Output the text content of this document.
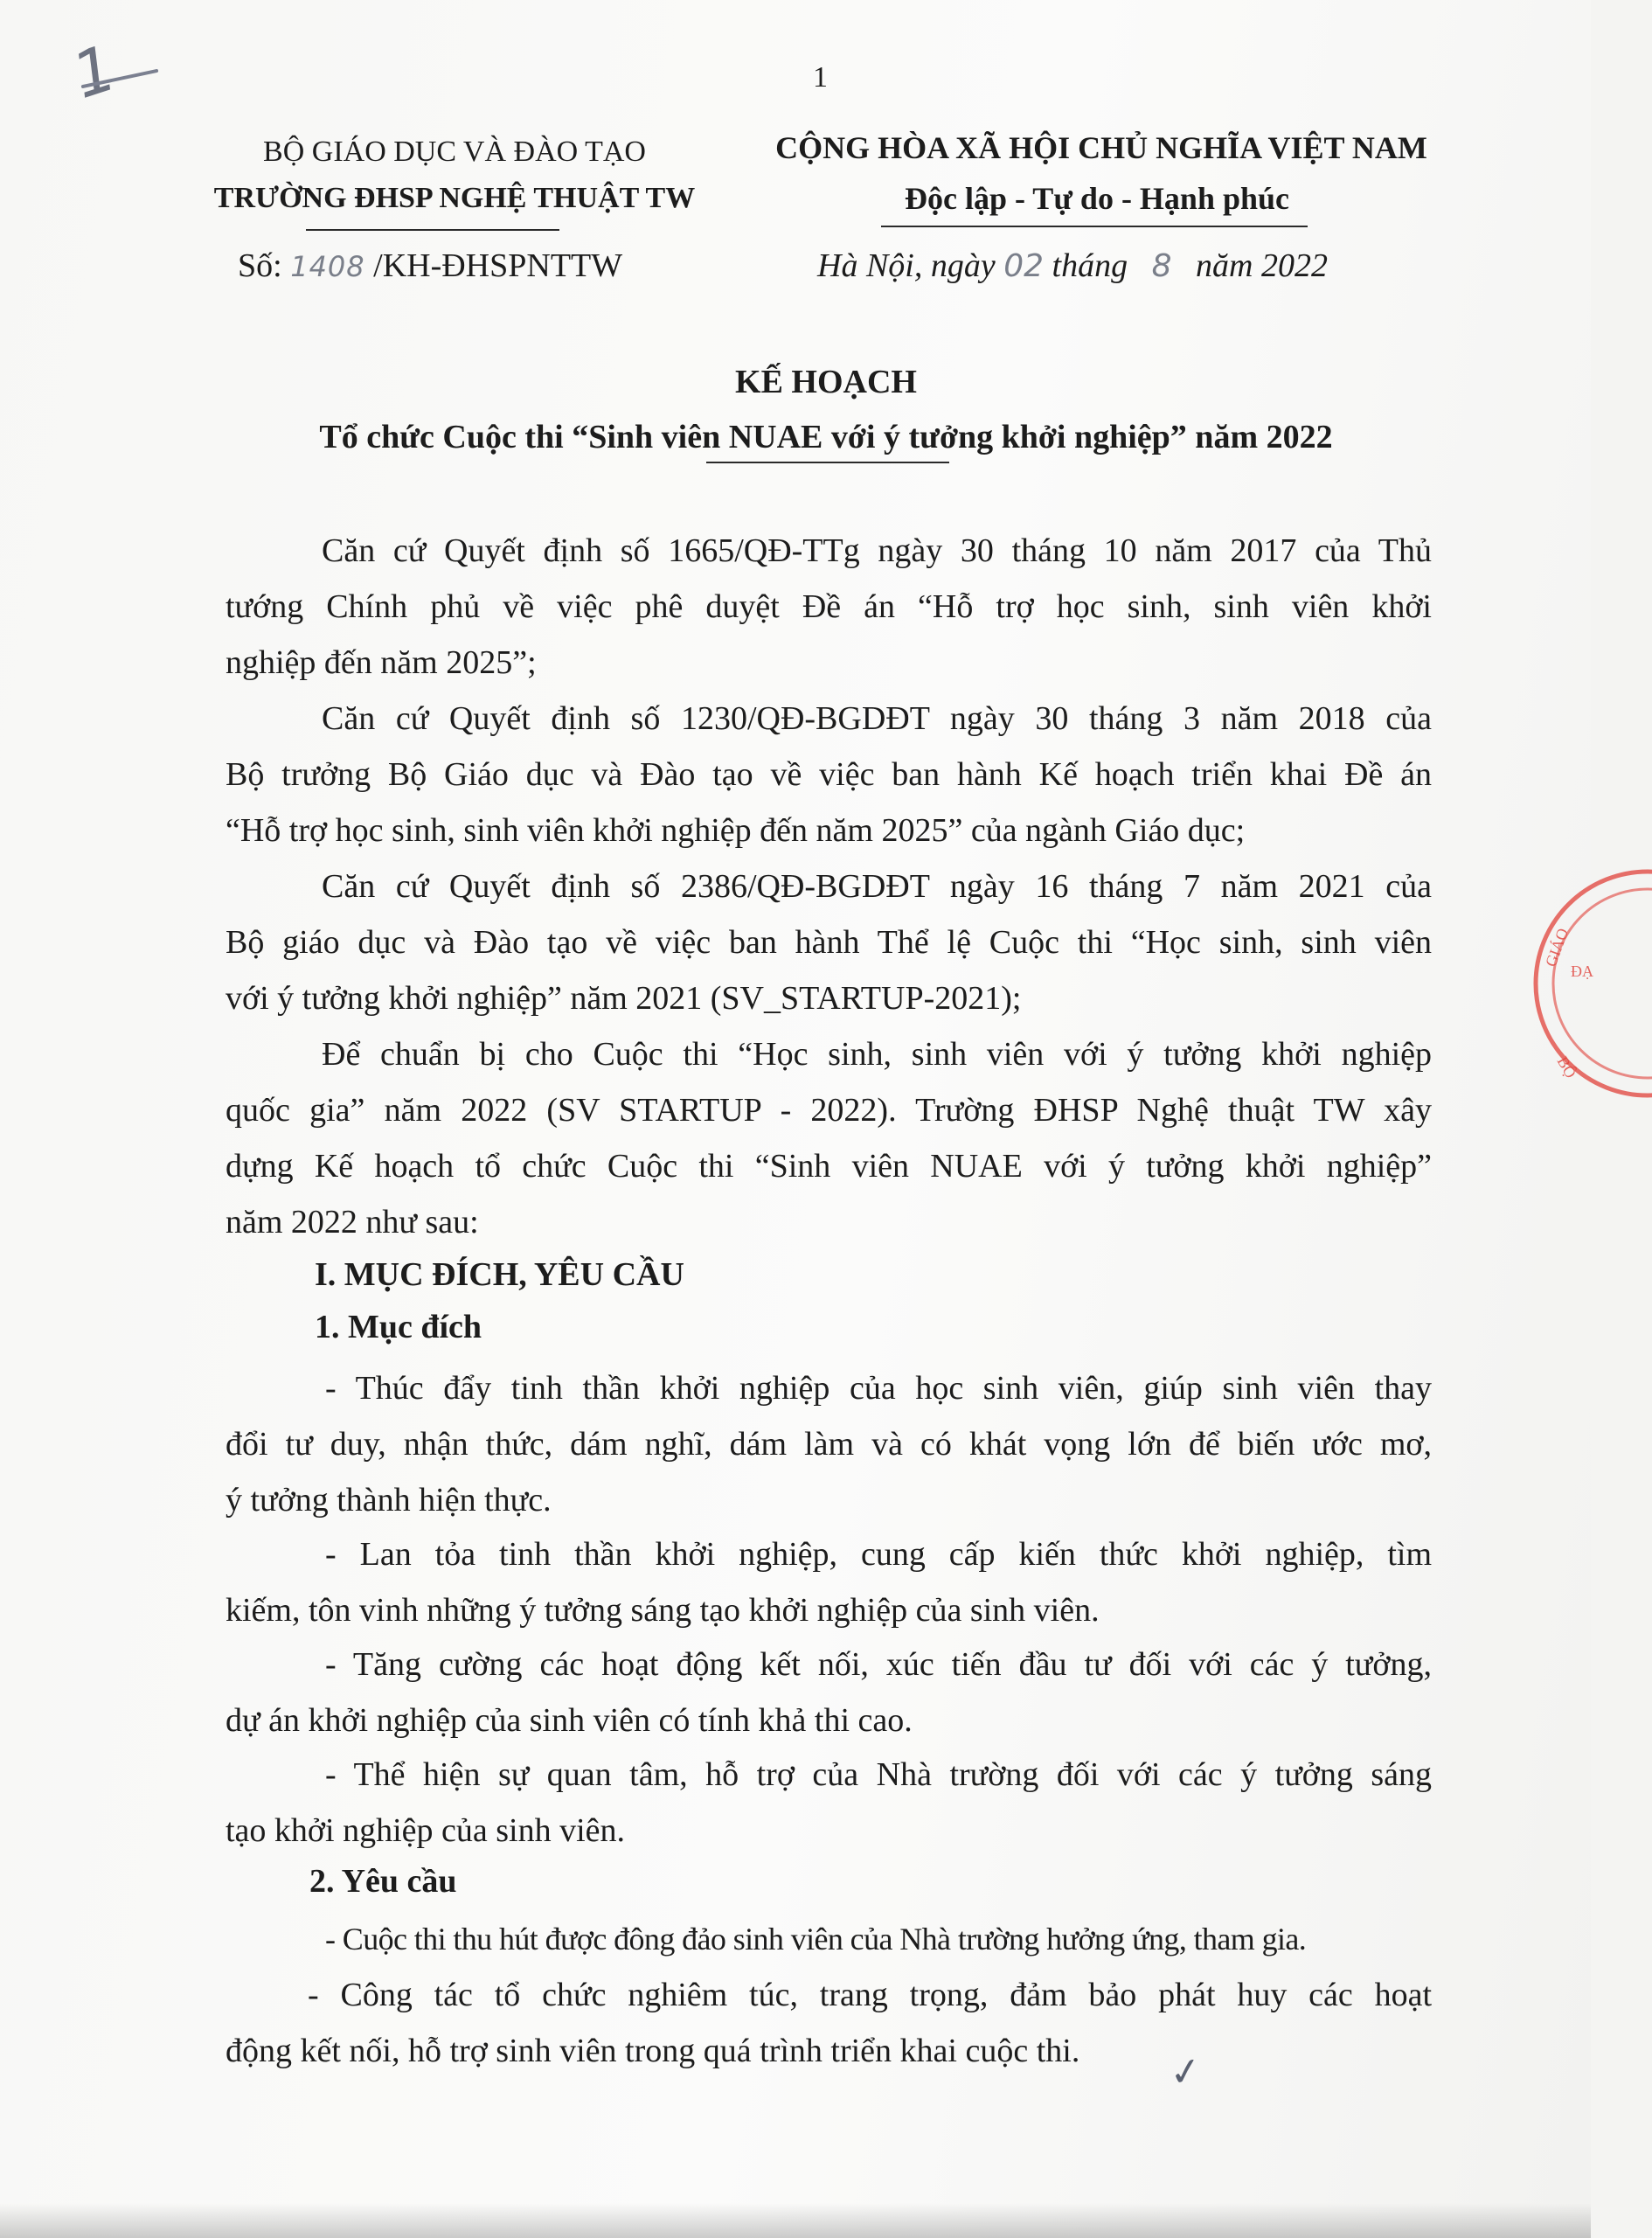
1	1
BỘ GIÁO DỤC VÀ ĐÀO TẠO
TRƯỜNG ĐHSP NGHỆ THUẬT TW
Số: 1408 /KH-ĐHSPNTTW
CỘNG HÒA XÃ HỘI CHỦ NGHĨA VIỆT NAM
Độc lập - Tự do - Hạnh phúc
Hà Nội, ngày 02 tháng 8 năm 2022
KẾ HOẠCH
Tổ chức Cuộc thi “Sinh viên NUAE với ý tưởng khởi nghiệp” năm 2022
Căn cứ Quyết định số 1665/QĐ-TTg ngày 30 tháng 10 năm 2017 của Thủ
tướng Chính phủ về việc phê duyệt Đề án “Hỗ trợ học sinh, sinh viên khởi
nghiệp đến năm 2025”;
Căn cứ Quyết định số 1230/QĐ-BGDĐT ngày 30 tháng 3 năm 2018 của
Bộ trưởng Bộ Giáo dục và Đào tạo về việc ban hành Kế hoạch triển khai Đề án
“Hỗ trợ học sinh, sinh viên khởi nghiệp đến năm 2025” của ngành Giáo dục;
Căn cứ Quyết định số 2386/QĐ-BGDĐT ngày 16 tháng 7 năm 2021 của
Bộ giáo dục và Đào tạo về việc ban hành Thể lệ Cuộc thi “Học sinh, sinh viên
với ý tưởng khởi nghiệp” năm 2021 (SV_STARTUP-2021);
Để chuẩn bị cho Cuộc thi “Học sinh, sinh viên với ý tưởng khởi nghiệp
quốc gia” năm 2022 (SV STARTUP - 2022). Trường ĐHSP Nghệ thuật TW xây
dựng Kế hoạch tổ chức Cuộc thi “Sinh viên NUAE với ý tưởng khởi nghiệp”
năm 2022 như sau:
I. MỤC ĐÍCH, YÊU CẦU
1. Mục đích
- Thúc đẩy tinh thần khởi nghiệp của học sinh viên, giúp sinh viên thay
đổi tư duy, nhận thức, dám nghĩ, dám làm và có khát vọng lớn để biến ước mơ,
ý tưởng thành hiện thực.
- Lan tỏa tinh thần khởi nghiệp, cung cấp kiến thức khởi nghiệp, tìm
kiếm, tôn vinh những ý tưởng sáng tạo khởi nghiệp của sinh viên.
- Tăng cường các hoạt động kết nối, xúc tiến đầu tư đối với các ý tưởng,
dự án khởi nghiệp của sinh viên có tính khả thi cao.
- Thể hiện sự quan tâm, hỗ trợ của Nhà trường đối với các ý tưởng sáng
tạo khởi nghiệp của sinh viên.
2. Yêu cầu
- Cuộc thi thu hút được đông đảo sinh viên của Nhà trường hưởng ứng, tham gia.
- Công tác tổ chức nghiêm túc, trang trọng, đảm bảo phát huy các hoạt
động kết nối, hỗ trợ sinh viên trong quá trình triển khai cuộc thi.
GIÁO
ĐẠ
BỘ
✓
